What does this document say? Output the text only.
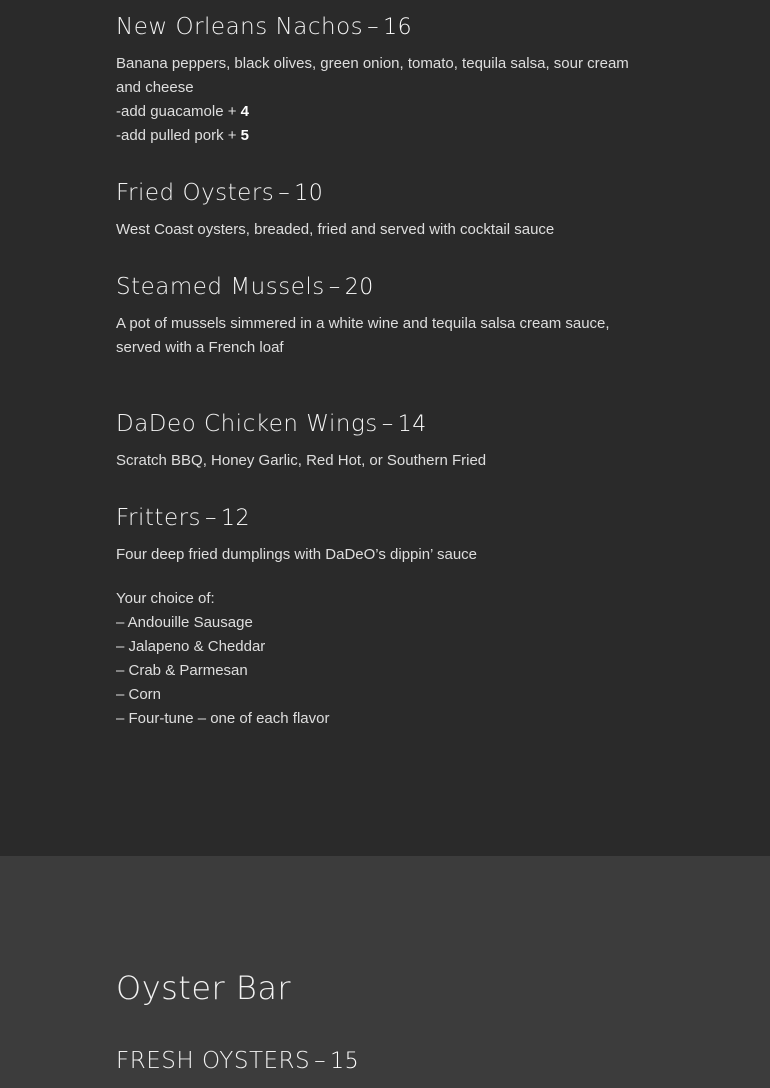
New Orleans Nachos – 16

Banana peppers, black olives, green onion, tomato, tequila salsa, sour cream and cheese

-add guacamole + 4

-add pulled pork + 5

Fried Oysters – 10

West Coast oysters, breaded, fried and served with cocktail sauce

Steamed Mussels – 20

A pot of mussels simmered in a white wine and tequila salsa cream sauce, served with a French loaf

DaDeo Chicken Wings – 14

Scratch BBQ, Honey Garlic, Red Hot, or Southern Fried

Fritters – 12

Four deep fried dumplings with DaDeO’s dippin’ sauce

Your choice of:

– Andouille Sausage

– Jalapeno & Cheddar

– Crab & Parmesan

– Corn

– Four-tune – one of each flavor

Oyster Bar
FRESH OYSTERS – 15
